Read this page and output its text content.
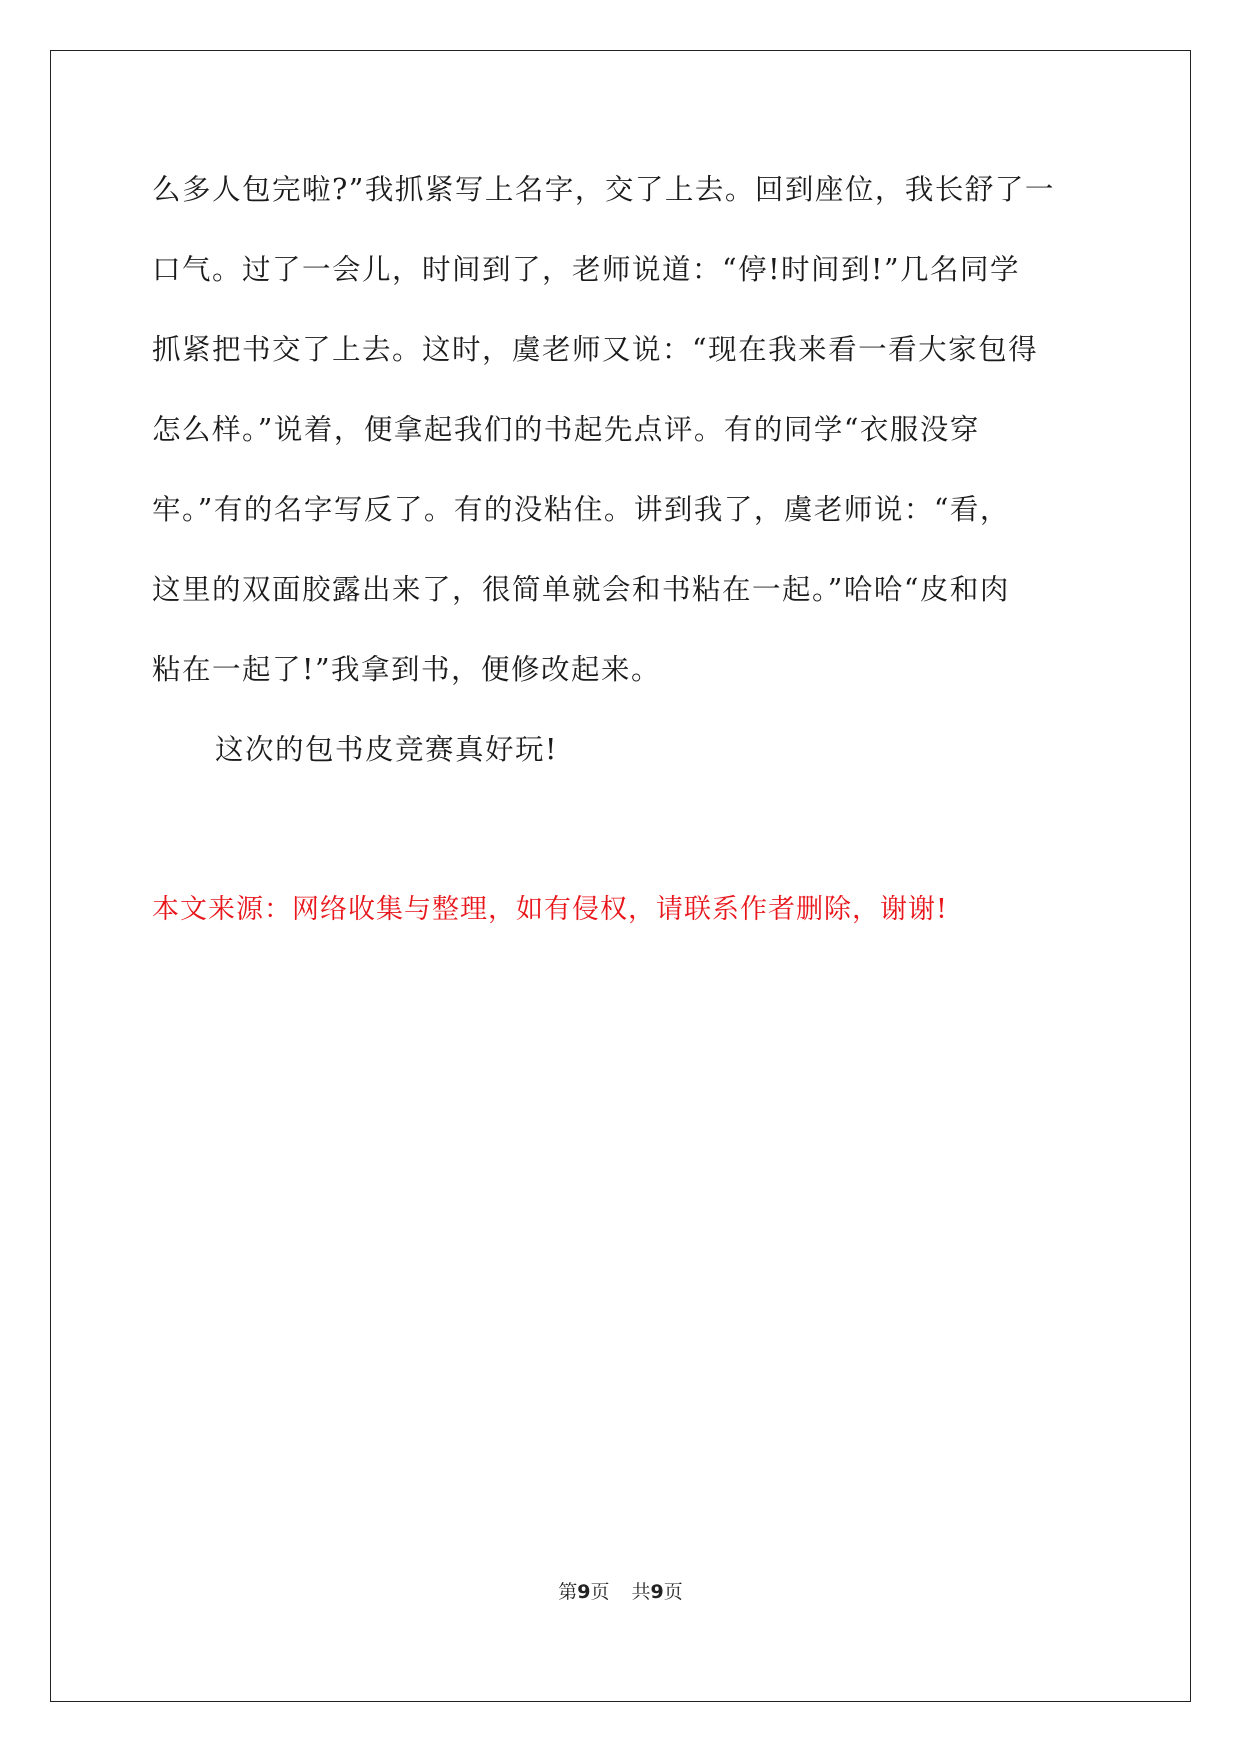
么多人包完啦?”我抓紧写上名字，交了上去。回到座位，我长舒了一

口气。过了一会儿，时间到了，老师说道：“停!时间到!”几名同学

抓紧把书交了上去。这时，虞老师又说：“现在我来看一看大家包得

怎么样。”说着，便拿起我们的书起先点评。有的同学“衣服没穿

牢。”有的名字写反了。有的没粘住。讲到我了，虞老师说：“看，

这里的双面胶露出来了，很简单就会和书粘在一起。”哈哈“皮和肉

粘在一起了!”我拿到书，便修改起来。

这次的包书皮竞赛真好玩!

本文来源：网络收集与整理，如有侵权，请联系作者删除，谢谢!

第9页 共9页
